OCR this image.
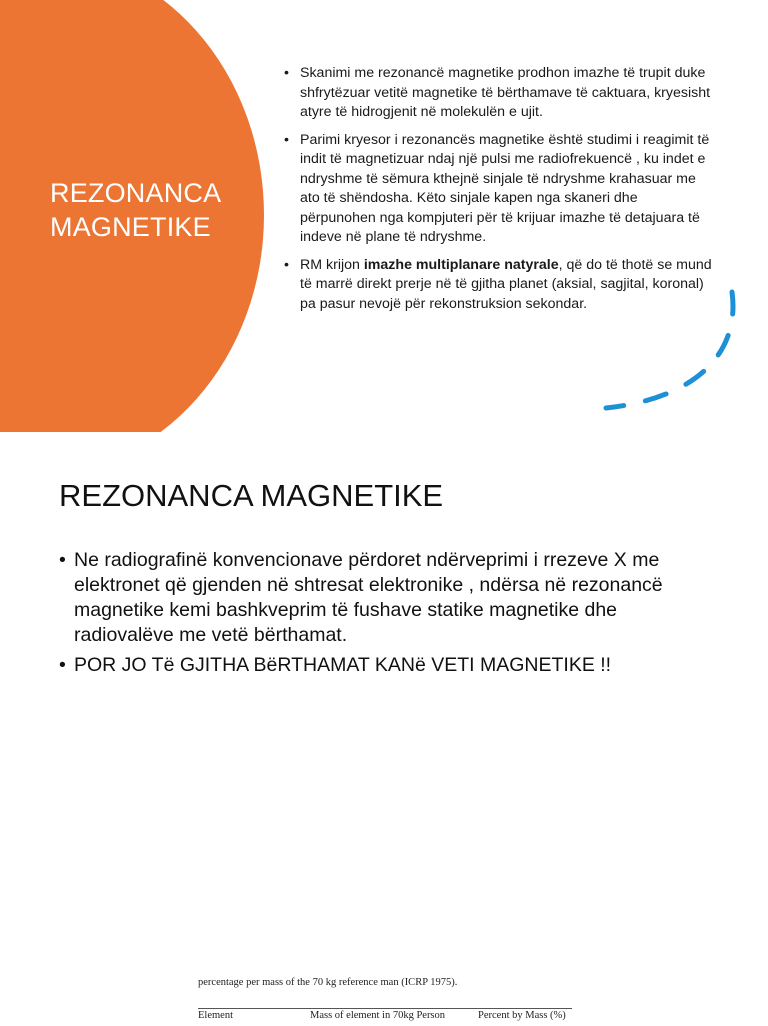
REZONANCA
MAGNETIKE
• Skanimi me rezonancë magnetike prodhon imazhe të trupit duke shfrytëzuar vetitë magnetike të bërthamave të caktuara, kryesisht atyre të hidrogjenit në molekulën e ujit.
• Parimi kryesor i rezonancës magnetike është studimi i reagimit të indit të magnetizuar ndaj një pulsi me radiofrekuencë , ku indet e ndryshme të sëmura kthejnë sinjale të ndryshme krahasuar me ato të shëndosha. Këto sinjale kapen nga skaneri dhe përpunohen nga kompjuteri për të krijuar imazhe të detajuara të indeve në plane të ndryshme.
• RM krijon imazhe multiplanare natyrale, që do të thotë se mund të marrë direkt prerje në të gjitha planet (aksial, sagjital, koronal) pa pasur nevojë për rekonstruksion sekondar.
REZONANCA MAGNETIKE
• Ne radiografinë konvencionave përdoret ndërveprimi i rrezeve X me elektronet që gjenden në shtresat elektronike , ndërsa në rezonancë magnetike kemi bashkveprim të fushave statike magnetike dhe radiovalëve me vetë bërthamat.
• POR JO Të GJITHA BëRTHAMAT KANë VETI MAGNETIKE !!

percentage per mass of the 70 kg reference man (ICRP 1975).

Element	Mass of element in 70kg Person	Percent by Mass (%)
